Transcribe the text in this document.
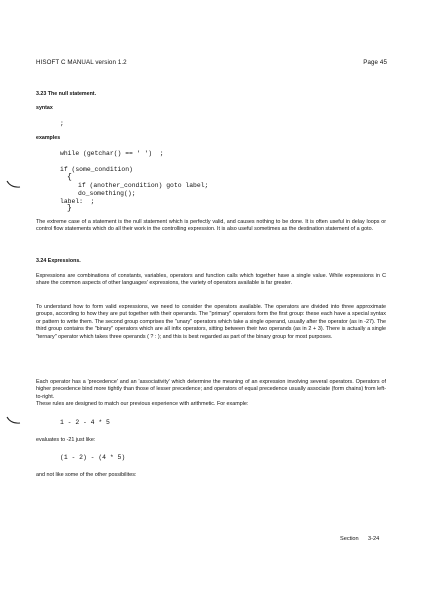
HISOFT C MANUAL version 1.2	Page 45
3.23 The null statement.
syntax
;
examples
while (getchar() == ' ')  ;
if (some_condition)
{
if (another_condition) goto label;
do_something();
label:  ;
}
The extreme case of a statement is the null statement which is perfectly valid, and causes nothing to be done. It is often useful in delay loops or control flow statements which do all their work in the controlling expression. It is also useful sometimes as the destination statement of a goto.
3.24 Expressions.
Expressions are combinations of constants, variables, operators and function calls which together have a single value. While expressions in C share the common aspects of other languages' expressions, the variety of operators available is far greater.
To understand how to form valid expressions, we need to consider the operators available. The operators are divided into three approximate groups, according to how they are put together with their operands. The "primary" operators form the first group: these each have a special syntax or pattern to write them. The second group comprises the "unary" operators which take a single operand, usually after the operator (as in -27). The third group contains the "binary" operators which are all infix operators, sitting between their two operands (as in 2 + 3). There is actually a single "ternary" operator which takes three operands ( ? : ); and this is best regarded as part of the binary group for most purposes.
Each operator has a 'precedence' and an 'associativity' which determine the meaning of an expression involving several operators. Operators of higher precedence bind more tightly than those of lesser precedence; and operators of equal precedence usually associate (form chains) from left-to-right.
These rules are designed to match our previous experience with arithmetic. For example:
1 - 2 - 4 * 5
evaluates to -21 just like:
(1 - 2) - (4 * 5)
and not like some of the other possibilites:
Section 3-24
